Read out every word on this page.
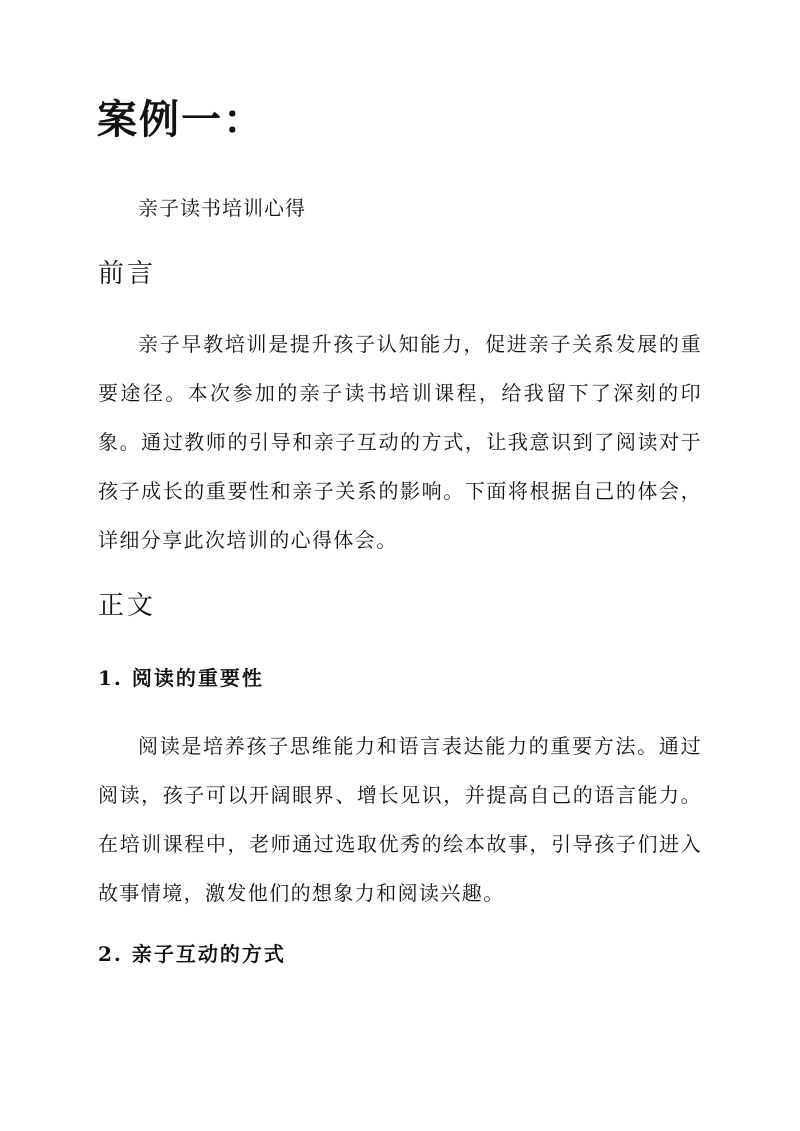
案例一：

亲子读书培训心得

前言

亲子早教培训是提升孩子认知能力，促进亲子关系发展的重要途径。本次参加的亲子读书培训课程，给我留下了深刻的印象。通过教师的引导和亲子互动的方式，让我意识到了阅读对于孩子成长的重要性和亲子关系的影响。下面将根据自己的体会，详细分享此次培训的心得体会。

正文
1. 阅读的重要性

阅读是培养孩子思维能力和语言表达能力的重要方法。通过阅读，孩子可以开阔眼界、增长见识，并提高自己的语言能力。在培训课程中，老师通过选取优秀的绘本故事，引导孩子们进入故事情境，激发他们的想象力和阅读兴趣。

2. 亲子互动的方式
